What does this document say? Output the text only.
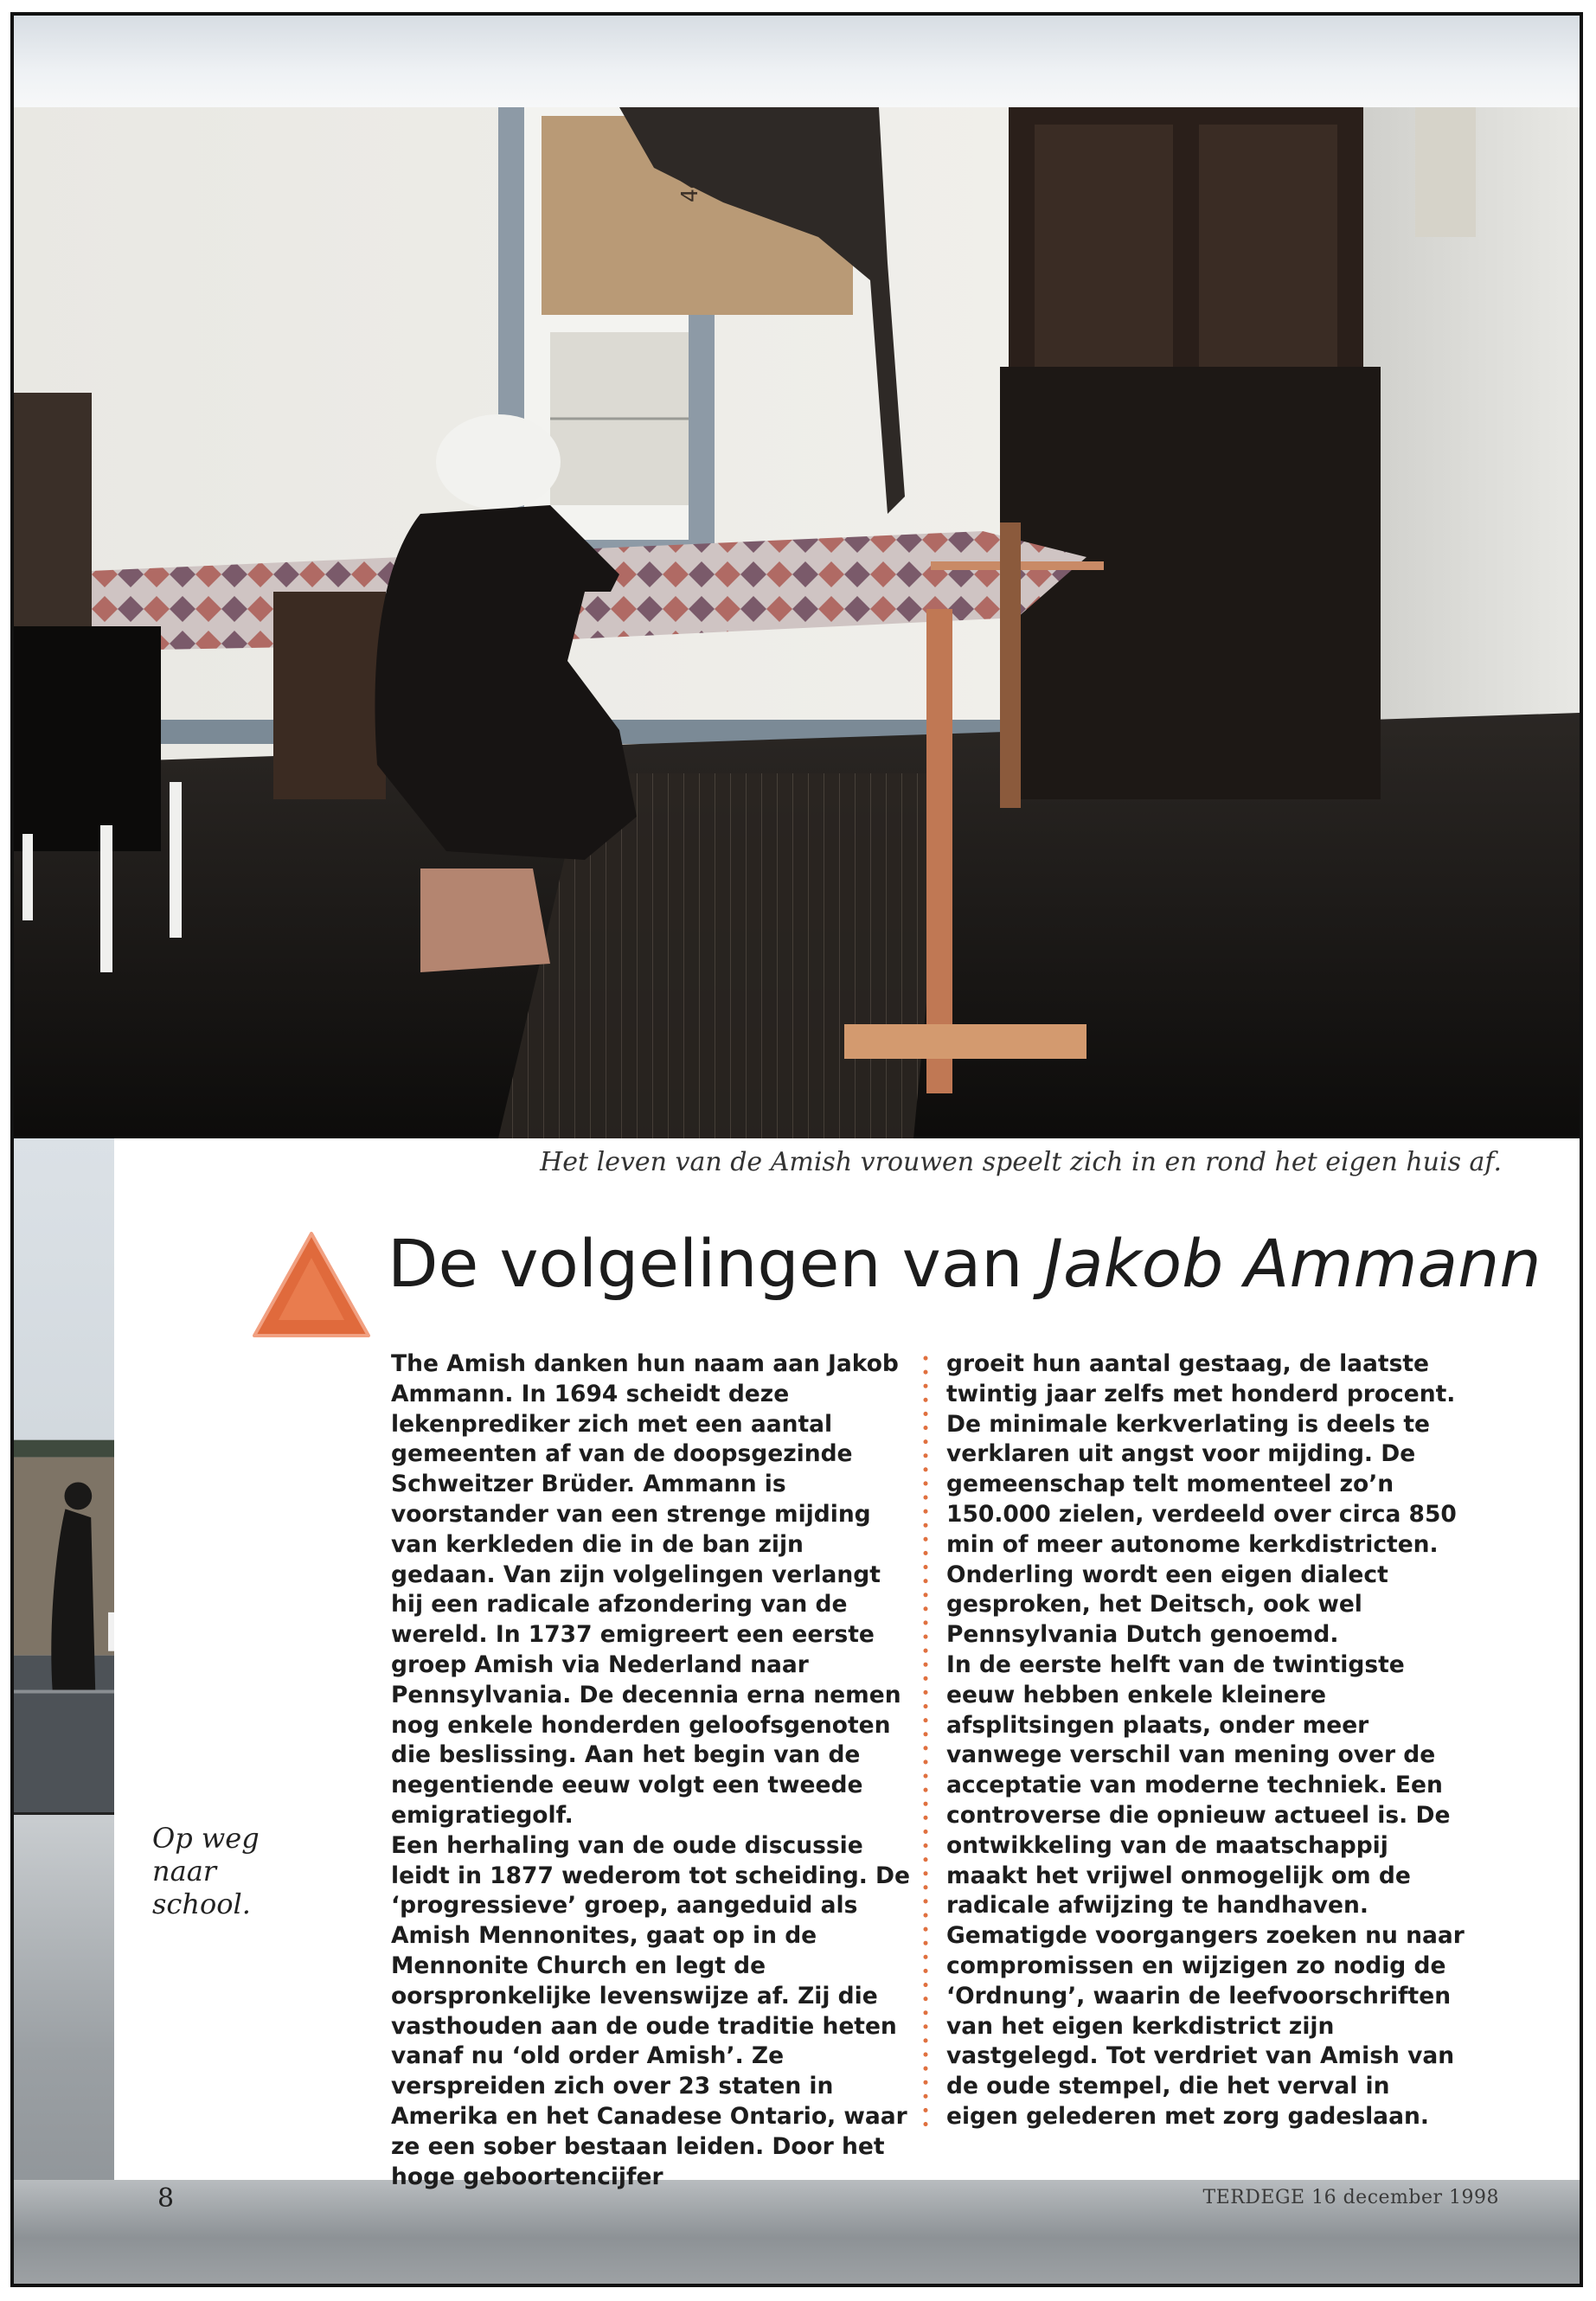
Het leven van de Amish vrouwen speelt zich in en rond het eigen huis af.
Op weg naar
school.
De volgelingen van Jakob Ammann

The Amish danken hun naam aan Jakob Ammann. In 1694 scheidt deze lekenprediker zich met een aantal gemeenten af van de doopsgezinde Schweitzer Brüder. Ammann is voorstander van een strenge mijding van kerkleden die in de ban zijn gedaan. Van zijn volgelingen verlangt hij een radicale afzondering van de wereld. In 1737 emigreert een eerste groep Amish via Nederland naar Pennsylvania. De decennia erna nemen nog enkele honderden geloofsgenoten die beslissing. Aan het begin van de negentiende eeuw volgt een tweede emigratiegolf.

Een herhaling van de oude discussie leidt in 1877 wederom tot scheiding. De ‘progressieve’ groep, aangeduid als Amish Mennonites, gaat op in de Mennonite Church en legt de oorspronkelijke levenswijze af. Zij die vasthouden aan de oude traditie heten vanaf nu ‘old order Amish’. Ze verspreiden zich over 23 staten in Amerika en het Canadese Ontario, waar ze een sober bestaan leiden. Door het hoge geboortencijfer

groeit hun aantal gestaag, de laatste twintig jaar zelfs met honderd procent. De minimale kerkverlating is deels te verklaren uit angst voor mijding. De gemeenschap telt momenteel zo’n 150.000 zielen, verdeeld over circa 850 min of meer autonome kerkdistricten. Onderling wordt een eigen dialect gesproken, het Deitsch, ook wel Pennsylvania Dutch genoemd.

In de eerste helft van de twintigste eeuw hebben enkele kleinere afsplitsingen plaats, onder meer vanwege verschil van mening over de acceptatie van moderne techniek. Een controverse die opnieuw actueel is. De ontwikkeling van de maatschappij maakt het vrijwel onmogelijk om de radicale afwijzing te handhaven. Gematigde voorgangers zoeken nu naar compromissen en wijzigen zo nodig de ‘Ordnung’, waarin de leefvoorschriften van het eigen kerkdistrict zijn vastgelegd. Tot verdriet van Amish van de oude stempel, die het verval in eigen gelederen met zorg gadeslaan.

8	TERDEGE 16 december 1998
